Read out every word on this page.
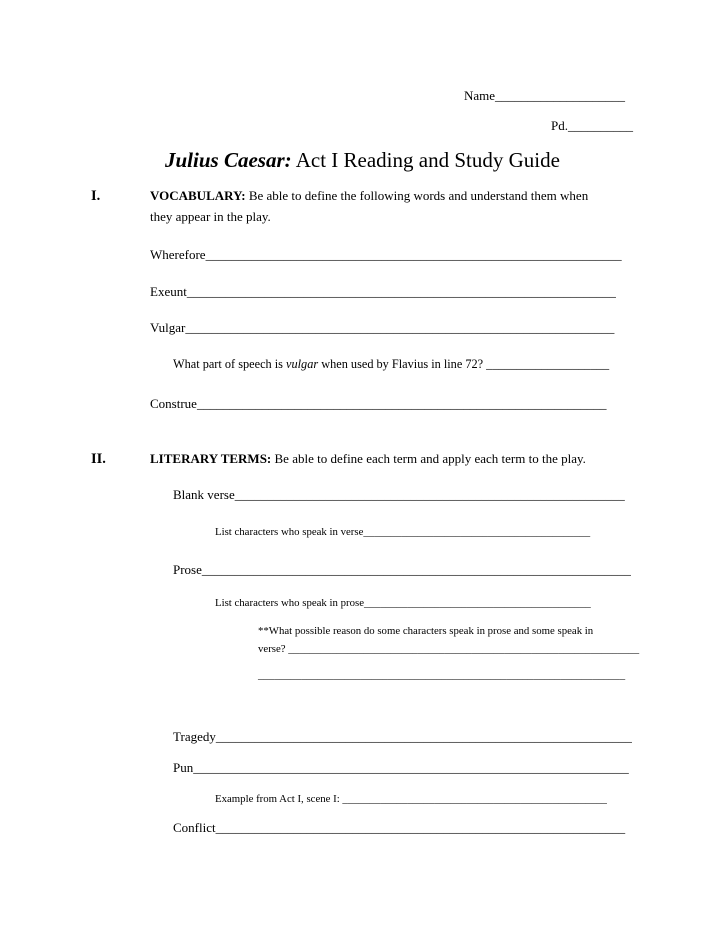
Name____________________
Pd.__________
Julius Caesar: Act I Reading and Study Guide
I.	VOCABULARY: Be able to define the following words and understand them when
they appear in the play.
Wherefore________________________________________________________________
Exeunt__________________________________________________________________
Vulgar__________________________________________________________________
What part of speech is vulgar when used by Flavius in line 72? ____________________
Construe_______________________________________________________________
II.	LITERARY TERMS: Be able to define each term and apply each term to the play.
Blank verse____________________________________________________________
List characters who speak in verse__________________________________________
Prose__________________________________________________________________
List characters who speak in prose__________________________________________
**What possible reason do some characters speak in prose and some speak in
verse? _________________________________________________________________
____________________________________________________________________
Tragedy________________________________________________________________
Pun___________________________________________________________________
Example from Act I, scene I: _________________________________________________
Conflict_______________________________________________________________
